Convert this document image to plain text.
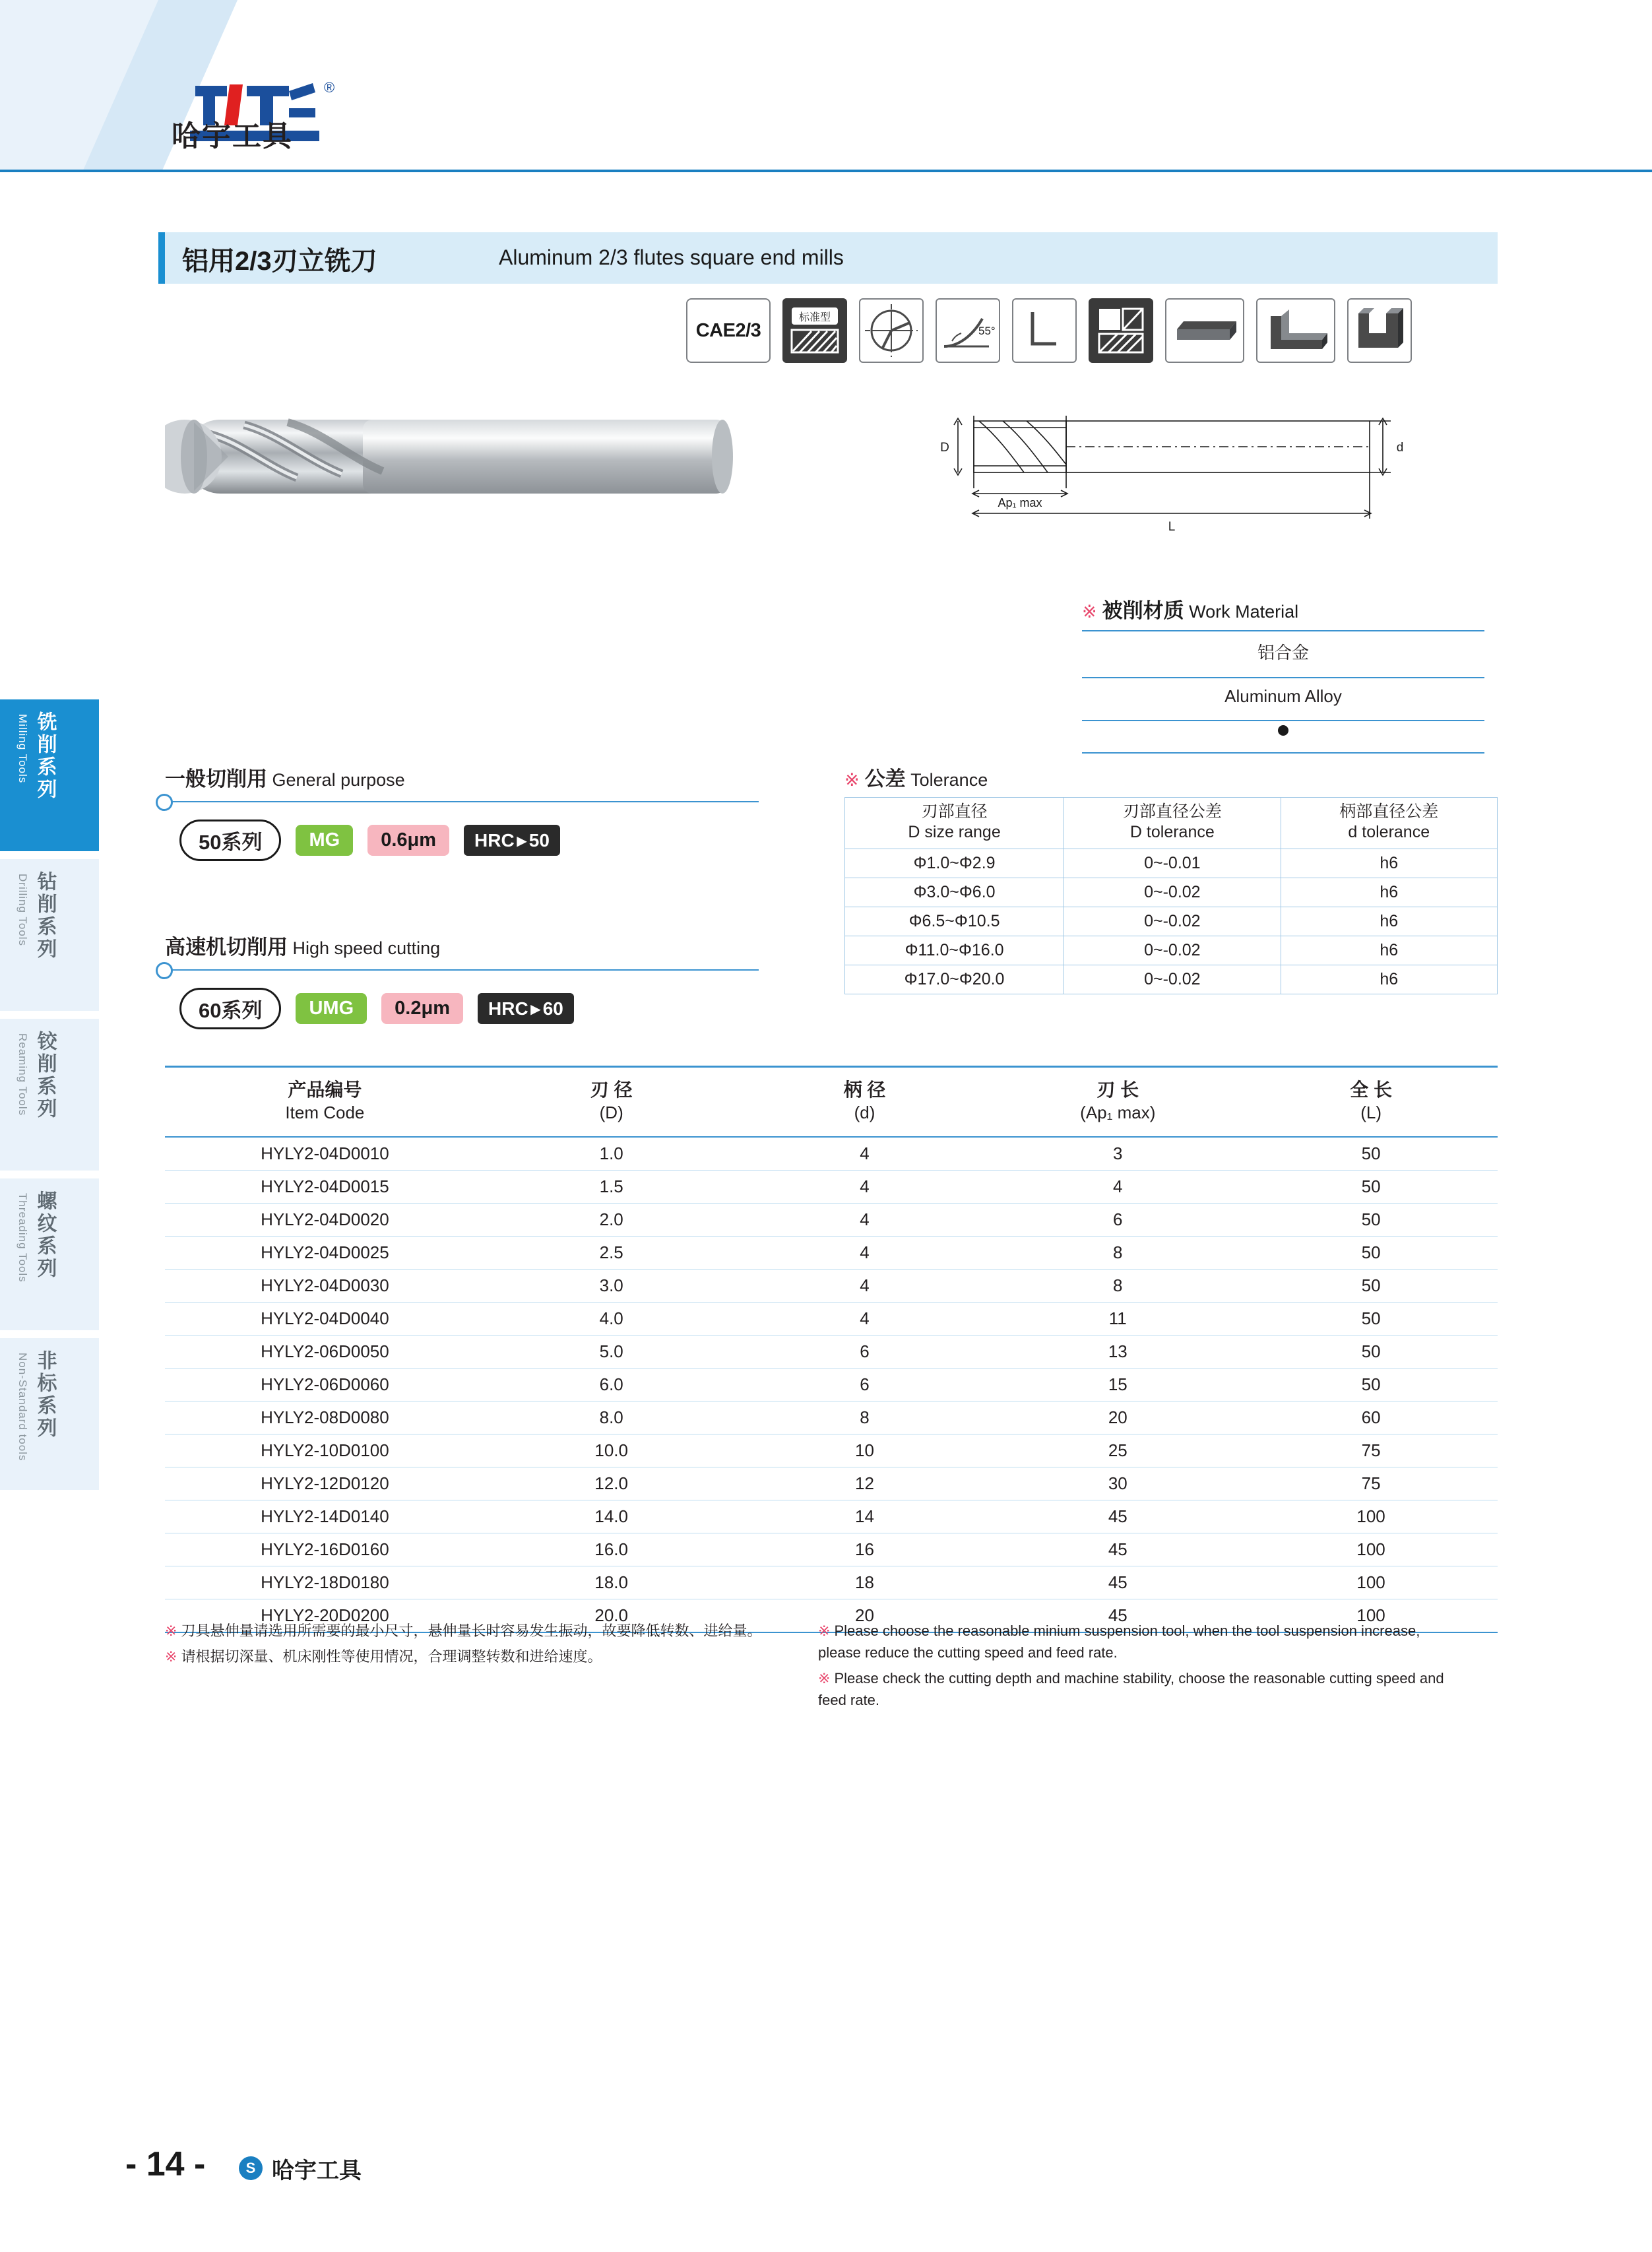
®
哈宇工具
铣削系列
Milling Tools
钻削系列
Drilling Tools
铰削系列
Reaming Tools
螺纹系列
Threading Tools
非标系列
Non-Standard tools
铝用2/3刃立铣刀	Aluminum 2/3 flutes square end mills
CAE2/3
标准型
55°
D	d
Ap₁ max
L
※ 被削材质 Work Material
铝合金
Aluminum Alloy
一般切削用 General purpose
50系列	MG	0.6μm	HRC ▸ 50
高速机切削用 High speed cutting
60系列	UMG	0.2μm	HRC ▸ 60
※ 公差 Tolerance
刃部直径
D size range

刃部直径公差
D tolerance

柄部直径公差
d tolerance

Φ1.0~Φ2.9	0~-0.01	h6
Φ3.0~Φ6.0	0~-0.02	h6
Φ6.5~Φ10.5	0~-0.02	h6
Φ11.0~Φ16.0	0~-0.02	h6
Φ17.0~Φ20.0	0~-0.02	h6
产品编号
Item Code

刃 径
(D)

柄 径
(d)

刃 长
(Ap₁ max)

全 长
(L)

HYLY2-04D0010	1.0	4	3	50
HYLY2-04D0015	1.5	4	4	50
HYLY2-04D0020	2.0	4	6	50
HYLY2-04D0025	2.5	4	8	50
HYLY2-04D0030	3.0	4	8	50
HYLY2-04D0040	4.0	4	11	50
HYLY2-06D0050	5.0	6	13	50
HYLY2-06D0060	6.0	6	15	50
HYLY2-08D0080	8.0	8	20	60
HYLY2-10D0100	10.0	10	25	75
HYLY2-12D0120	12.0	12	30	75
HYLY2-14D0140	14.0	14	45	100
HYLY2-16D0160	16.0	16	45	100
HYLY2-18D0180	18.0	18	45	100
HYLY2-20D0200	20.0	20	45	100

※ 刀具悬伸量请选用所需要的最小尺寸，悬伸量长时容易发生振动，故要降低转数、进给量。

※ 请根据切深量、机床刚性等使用情况，合理调整转数和进给速度。

※ Please choose the reasonable minium suspension tool, when the tool suspension increase, please reduce the cutting speed and feed rate.

※ Please check the cutting depth and machine stability, choose the reasonable cutting speed and feed rate.

- 14 -	S 哈宇工具
